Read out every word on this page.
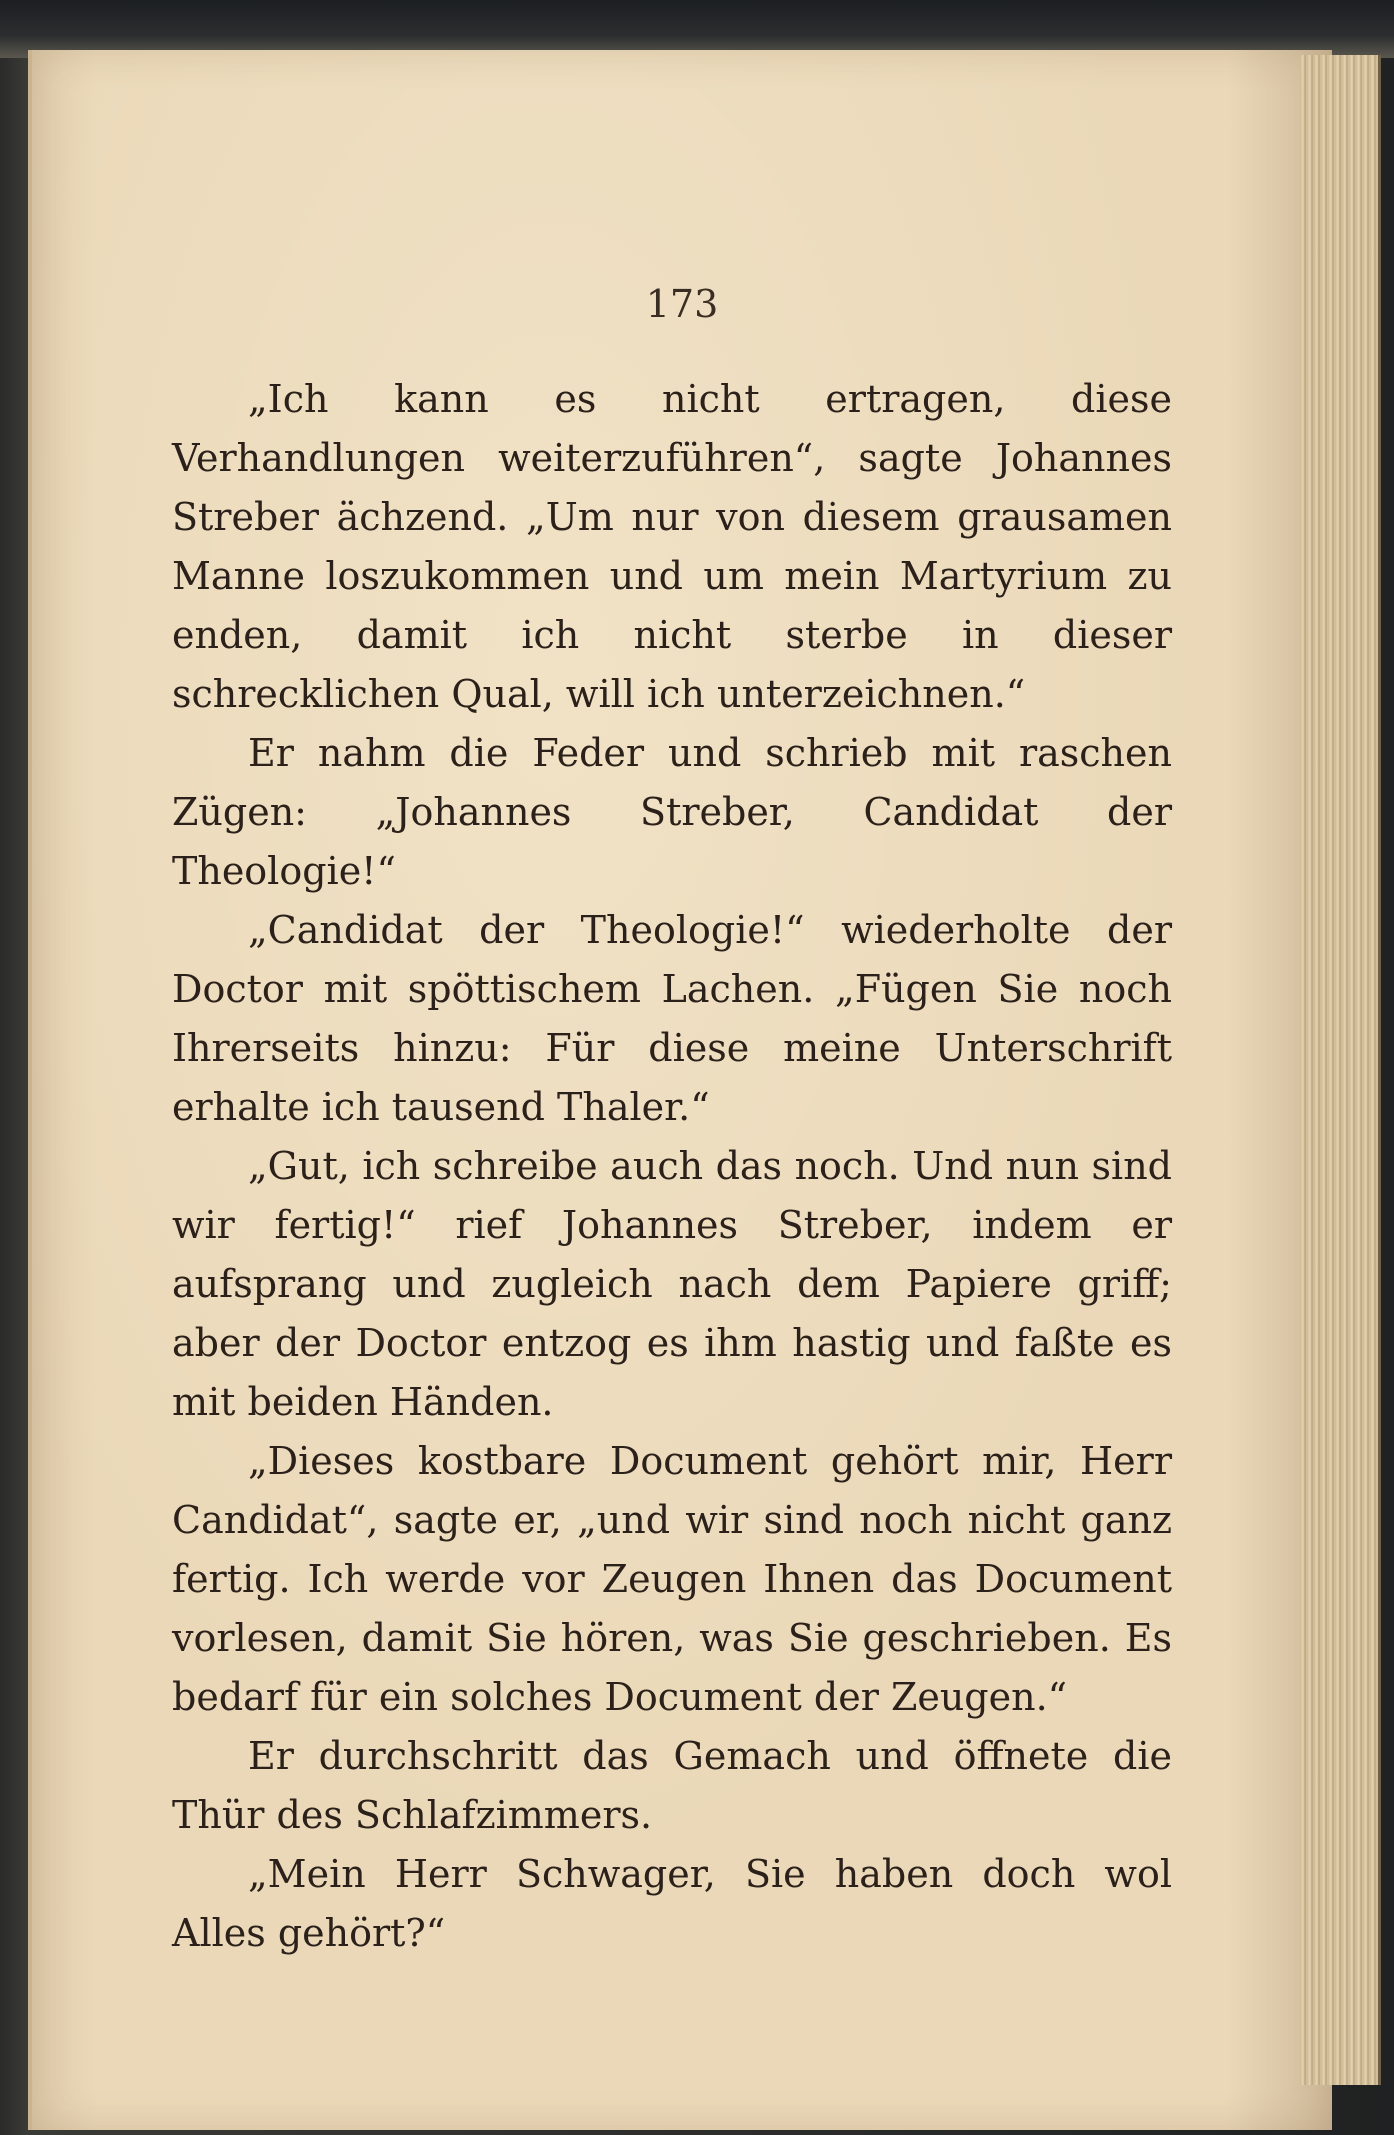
173

„Ich kann es nicht ertragen, diese Verhandlungen weiterzuführen“, sagte Johannes Streber ächzend. „Um nur von diesem grausamen Manne loszukommen und um mein Martyrium zu enden, damit ich nicht sterbe in dieser schrecklichen Qual, will ich unterzeichnen.“

Er nahm die Feder und schrieb mit raschen Zügen: „Johannes Streber, Candidat der Theologie!“

„Candidat der Theologie!“ wiederholte der Doctor mit spöttischem Lachen. „Fügen Sie noch Ihrerseits hinzu: Für diese meine Unterschrift erhalte ich tausend Thaler.“

„Gut, ich schreibe auch das noch. Und nun sind wir fertig!“ rief Johannes Streber, indem er aufsprang und zugleich nach dem Papiere griff; aber der Doctor entzog es ihm hastig und faßte es mit beiden Händen.

„Dieses kostbare Document gehört mir, Herr Candidat“, sagte er, „und wir sind noch nicht ganz fertig. Ich werde vor Zeugen Ihnen das Document vorlesen, damit Sie hören, was Sie geschrieben. Es bedarf für ein solches Document der Zeugen.“

Er durchschritt das Gemach und öffnete die Thür des Schlafzimmers.

„Mein Herr Schwager, Sie haben doch wol Alles gehört?“
